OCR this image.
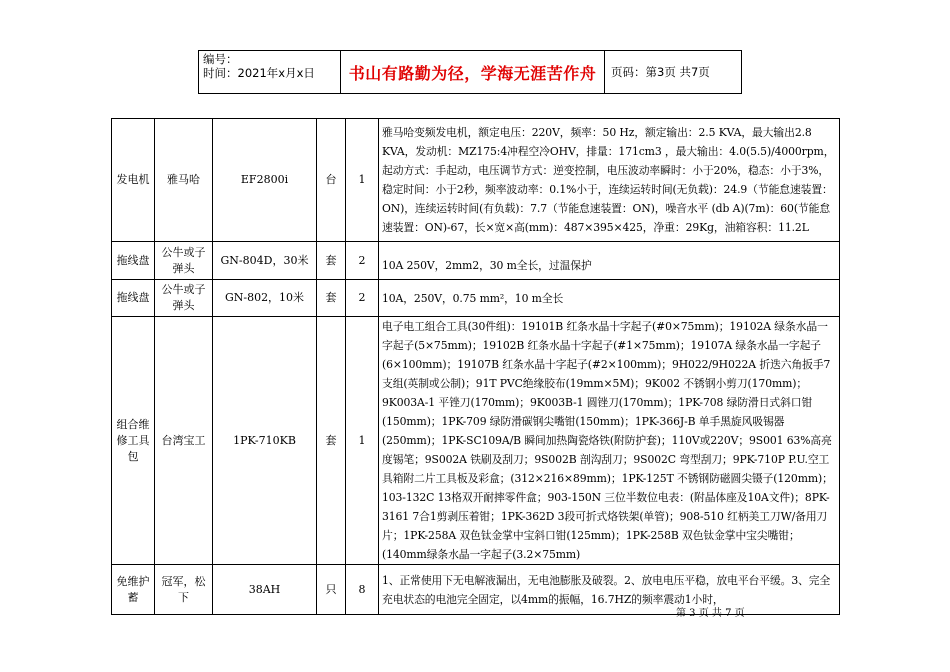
编号：
时间：2021年x月x日	书山有路勤为径，学海无涯苦作舟	页码：第3页 共7页
发电机	雅马哈	EF2800i	台	1	雅马哈变频发电机，额定电压：220V，频率：50 Hz，额定输出：2.5 KVA，最大输出2.8 KVA，发动机：MZ175:4冲程空冷OHV，排量：171cm3 ，最大输出：4.0(5.5)/4000rpm，起动方式：手起动，电压调节方式：逆变控制，电压波动率瞬时：小于20%，稳态：小于3%，稳定时间：小于2秒，频率波动率：0.1%小于，连续运转时间(无负载)：24.9（节能怠速装置：ON)，连续运转时间(有负载)：7.7（节能怠速装置：ON)，噪音水平 (db A)(7m)：60(节能怠速装置：ON)-67，长×宽×高(mm)：487×395×425，净重：29Kg，油箱容积：11.2L
拖线盘	公牛或子弹头	GN-804D，30米	套	2	10A 250V，2mm2，30 m全长，过温保护
拖线盘	公牛或子弹头	GN-802，10米	套	2	10A，250V，0.75 mm²，10 m全长
组合维修工具包	台湾宝工	1PK-710KB	套	1	电子电工组合工具(30件组)：19101B 红条水晶十字起子(#0×75mm)；19102A 绿条水晶一字起子(5×75mm)；19102B 红条水晶十字起子(#1×75mm)；19107A 绿条水晶一字起子(6×100mm)；19107B 红条水晶十字起子(#2×100mm)；9H022/9H022A 折迭六角扳手7支组(英制或公制)；91T PVC绝缘胶布(19mm×5M)；9K002 不锈钢小剪刀(170mm)；9K003A-1 平锉刀(170mm)；9K003B-1 圆锉刀(170mm)；1PK-708 绿防滑日式斜口钳(150mm)；1PK-709 绿防滑碳钢尖嘴钳(150mm)；1PK-366J-B 单手黑旋风吸锡器(250mm)；1PK-SC109A/B 瞬间加热陶瓷烙铁(附防护套)；110V或220V；9S001 63%高亮度锡笔；9S002A 铁刷及刮刀；9S002B 剖沟刮刀；9S002C 弯型刮刀；9PK-710P P.U.空工具箱附二片工具板及彩盒；(312×216×89mm)；1PK-125T 不锈钢防磁圆尖镊子(120mm)；103-132C 13格双开耐摔零件盒；903-150N 三位半数位电表：(附晶体座及10A文件)；8PK-3161 7合1剪剥压着钳；1PK-362D 3段可折式烙铁架(单管)；908-510 红柄美工刀W/备用刀片；1PK-258A 双色钛金掌中宝斜口钳(125mm)；1PK-258B 双色钛金掌中宝尖嘴钳；(140mm绿条水晶一字起子(3.2×75mm)
免维护蓄	冠军，松下	38AH	只	8	1、正常使用下无电解液漏出，无电池膨胀及破裂。2、放电电压平稳，放电平台平缓。3、完全充电状态的电池完全固定，以4mm的振幅，16.7HZ的频率震动1小时，
第 3 页 共 7 页
